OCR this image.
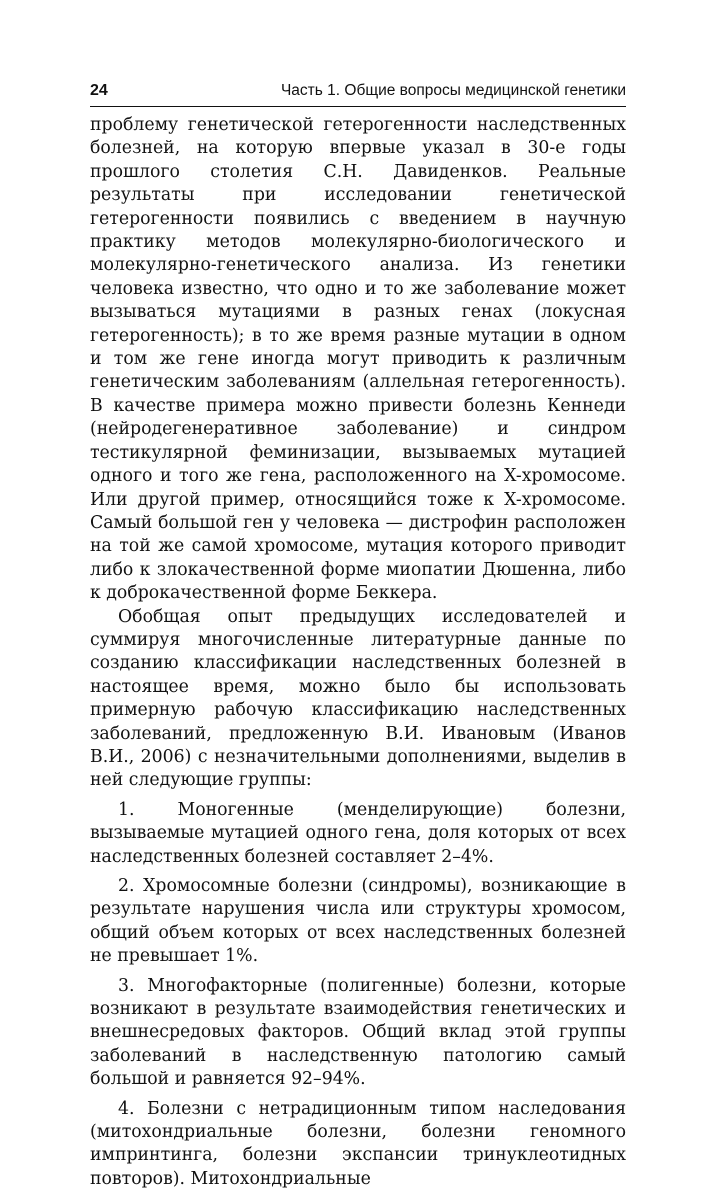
24	Часть 1. Общие вопросы медицинской генетики

проблему генетической гетерогенности наследственных болезней, на которую впервые указал в 30-е годы прошлого столетия С.Н. Давиденков. Реальные результаты при исследовании генетической гетерогенности появились с введением в научную практику методов молекулярно-биологического и молекулярно-генетического анализа. Из генетики человека известно, что одно и то же заболевание может вызываться мутациями в разных генах (локусная гетерогенность); в то же время разные мутации в одном и том же гене иногда могут приводить к различным генетическим заболеваниям (аллельная гетерогенность). В качестве примера можно привести болезнь Кеннеди (нейродегенеративное заболевание) и синдром тестикулярной феминизации, вызываемых мутацией одного и того же гена, расположенного на X-хромосоме. Или другой пример, относящийся тоже к X-хромосоме. Самый большой ген у человека — дистрофин расположен на той же самой хромосоме, мутация которого приводит либо к злокачественной форме миопатии Дюшенна, либо к доброкачественной форме Беккера.

Обобщая опыт предыдущих исследователей и суммируя многочисленные литературные данные по созданию классификации наследственных болезней в настоящее время, можно было бы использовать примерную рабочую классификацию наследственных заболеваний, предложенную В.И. Ивановым (Иванов В.И., 2006) с незначительными дополнениями, выделив в ней следующие группы:

1. Моногенные (менделирующие) болезни, вызываемые мутацией одного гена, доля которых от всех наследственных болезней составляет 2–4%.

2. Хромосомные болезни (синдромы), возникающие в результате нарушения числа или структуры хромосом, общий объем которых от всех наследственных болезней не превышает 1%.

3. Многофакторные (полигенные) болезни, которые возникают в результате взаимодействия генетических и внешнесредовых факторов. Общий вклад этой группы заболеваний в наследственную патологию самый большой и равняется 92–94%.

4. Болезни с нетрадиционным типом наследования (митохондриальные болезни, болезни геномного импринтинга, болезни экспансии тринуклеотидных повторов). Митохондриальные
